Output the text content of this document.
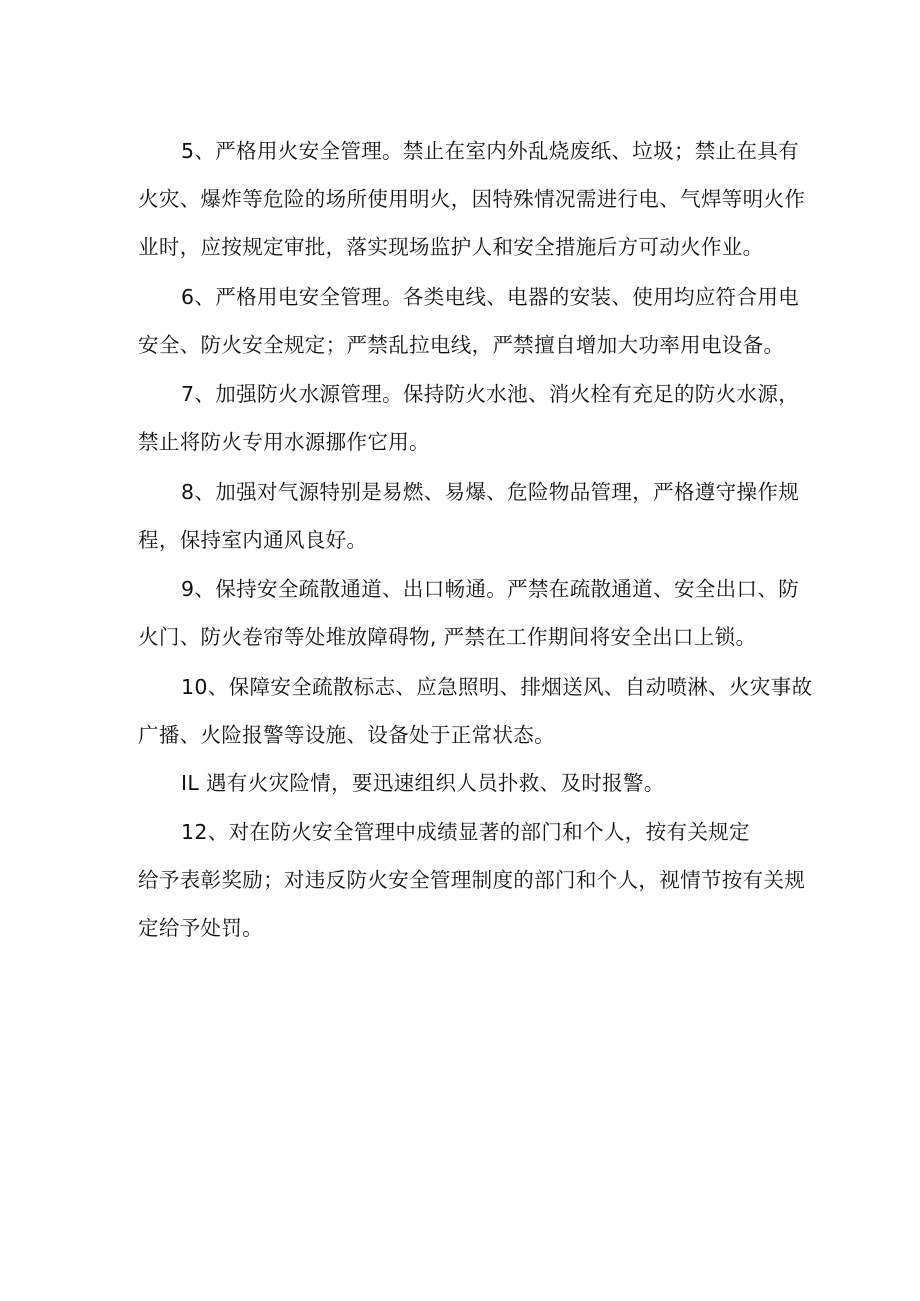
5、严格用火安全管理。禁止在室内外乱烧废纸、垃圾；禁止在具有
火灾、爆炸等危险的场所使用明火，因特殊情况需进行电、气焊等明火作
业时，应按规定审批，落实现场监护人和安全措施后方可动火作业。
6、严格用电安全管理。各类电线、电器的安装、使用均应符合用电
安全、防火安全规定；严禁乱拉电线，严禁擅自增加大功率用电设备。
7、加强防火水源管理。保持防火水池、消火栓有充足的防火水源，
禁止将防火专用水源挪作它用。
8、加强对气源特别是易燃、易爆、危险物品管理，严格遵守操作规
程，保持室内通风良好。
9、保持安全疏散通道、出口畅通。严禁在疏散通道、安全出口、防
火门、防火卷帘等处堆放障碍物, 严禁在工作期间将安全出口上锁。
10、保障安全疏散标志、应急照明、排烟送风、自动喷淋、火灾事故
广播、火险报警等设施、设备处于正常状态。
IL 遇有火灾险情，要迅速组织人员扑救、及时报警。
12、对在防火安全管理中成绩显著的部门和个人，按有关规定
给予表彰奖励；对违反防火安全管理制度的部门和个人，视情节按有关规
定给予处罚。
